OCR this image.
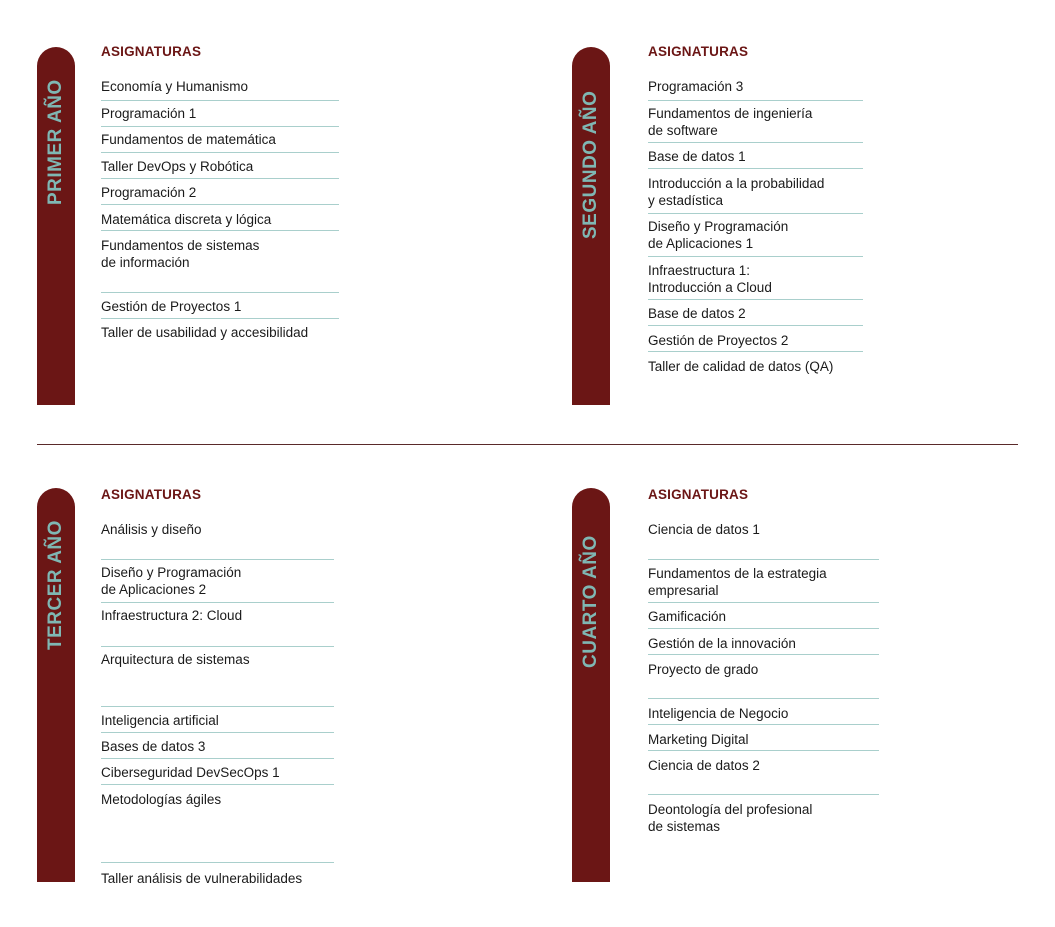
PRIMER AÑO
ASIGNATURAS
Economía y Humanismo
Programación 1
Fundamentos de matemática
Taller DevOps y Robótica
Programación 2
Matemática discreta y lógica
Fundamentos de sistemas
de información
Gestión de Proyectos 1
Taller de usabilidad y accesibilidad
SEGUNDO AÑO
ASIGNATURAS
Programación 3
Fundamentos de ingeniería
de software
Base de datos 1
Introducción a la probabilidad
y estadística
Diseño y Programación
de Aplicaciones 1
Infraestructura 1:
Introducción a Cloud
Base de datos 2
Gestión de Proyectos 2
Taller de calidad de datos (QA)
TERCER AÑO
ASIGNATURAS
Análisis y diseño
Diseño y Programación
de Aplicaciones 2
Infraestructura 2: Cloud
Arquitectura de sistemas
Inteligencia artificial
Bases de datos 3
Ciberseguridad DevSecOps 1
Metodologías ágiles
Taller análisis de vulnerabilidades
CUARTO AÑO
ASIGNATURAS
Ciencia de datos 1
Fundamentos de la estrategia
empresarial
Gamificación
Gestión de la innovación
Proyecto de grado
Inteligencia de Negocio
Marketing Digital
Ciencia de datos 2
Deontología del profesional
de sistemas
